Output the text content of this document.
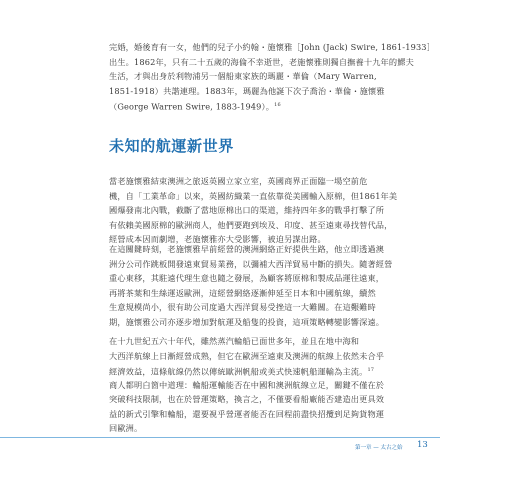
完婚，婚後育有一女，他們的兒子小約翰・施懷雅［John (Jack) Swire, 1861-1933］
出生。1862年，只有二十五歲的海倫不幸逝世，老施懷雅則獨自撫養十九年的鰥夫
生活，才與出身於利物浦另一個船東家族的瑪麗・華倫（Mary Warren,
1851-1918）共諧連理。1883年，瑪麗為他誕下次子喬治・華倫・施懷雅
（George Warren Swire, 1883-1949）。$^{16}$
未知的航運新世界
當老施懷雅結束澳洲之旅返英國立家立室，英國商界正面臨一場空前危
機，自「工業革命」以來，英國紡織業一直依靠從美國輸入原棉，但1861年美
國爆發南北內戰，截斷了當地原棉出口的渠道，維持四年多的戰爭打擊了所
有依賴美國原棉的歐洲商人，他們要跑到埃及、印度、甚至遠東尋找替代品，
經營成本因而劇增，老施懷雅亦大受影響，被迫另謀出路。
在這關鍵時刻，老施懷雅早前經營的澳洲網絡正好提供生路，他立即透過澳
洲分公司作跳板開發遠東貿易業務，以彌補大西洋貿易中斷的損失。隨著經營
重心東移，其駐遠代理生意也隨之發展，為顧客將原棉和製成品運往遠東，
再將茶葉和生絲運返歐洲，這經營網絡逐漸伸延至日本和中國航線，續然
生意規模尚小，很有助公司度過大西洋貿易受挫這一大難關。在這艱難時
期，施懷雅公司亦逐步增加對航運及船隻的投資，這項策略轉變影響深遠。
在十九世紀五六十年代，雖然蒸汽輪船已面世多年，並且在地中海和
大西洋航線上日漸經營成熟，但它在歐洲至遠東及澳洲的航線上依然未合乎
經濟效益，這條航線仍然以傳統歐洲帆船或美式快速帆船運輸為主流。$^{17}$
商人都明白箇中道理：輪船運輸能否在中國和澳洲航線立足，關鍵不僅在於
突破科技限制，也在於營運策略，換言之，不僅要看船廠能否建造出更具效
益的新式引擎和輪船，還要視乎營運者能否在回程前盡快招攬到足夠貨物運
回歐洲。
第一章 — 太古之始 13
